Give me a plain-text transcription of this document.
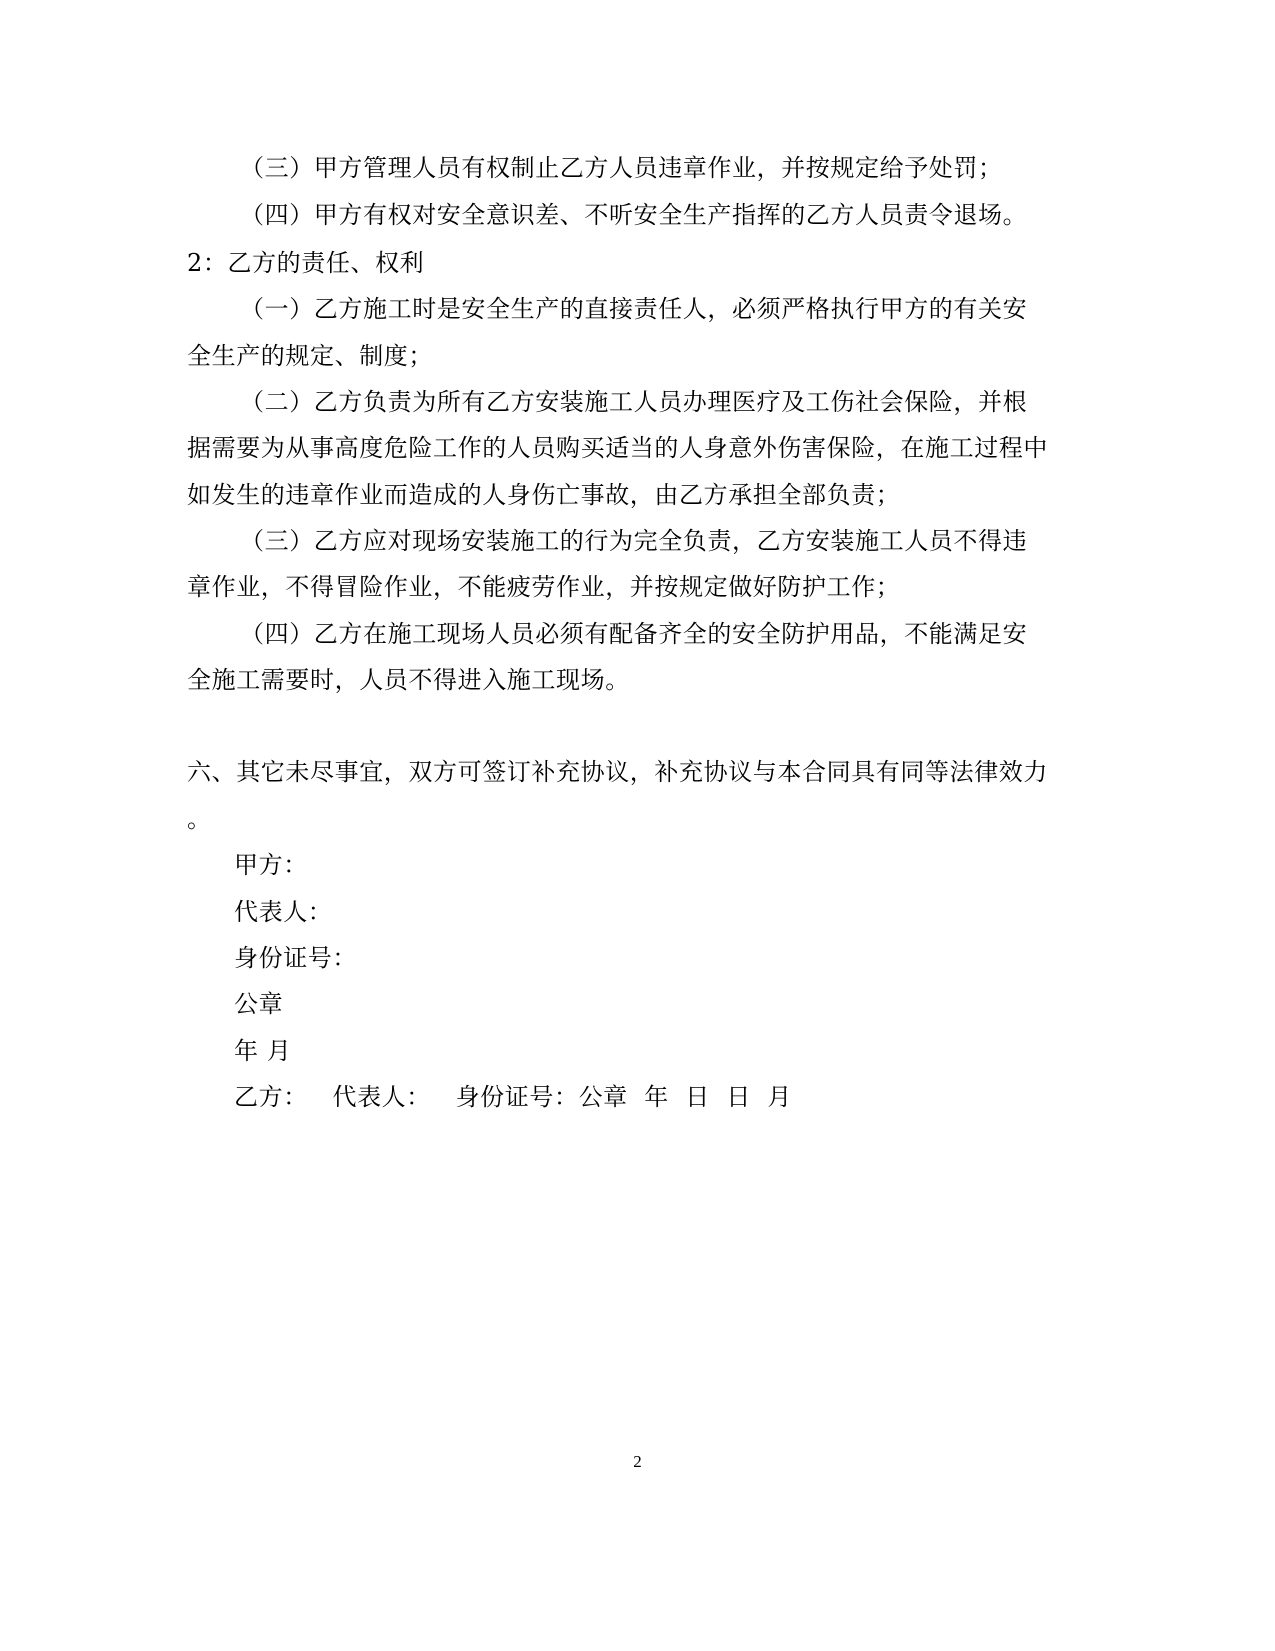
（三）甲方管理人员有权制止乙方人员违章作业，并按规定给予处罚；
（四）甲方有权对安全意识差、不听安全生产指挥的乙方人员责令退场。
2：乙方的责任、权利
（一）乙方施工时是安全生产的直接责任人，必须严格执行甲方的有关安
全生产的规定、制度；
（二）乙方负责为所有乙方安装施工人员办理医疗及工伤社会保险，并根
据需要为从事高度危险工作的人员购买适当的人身意外伤害保险，在施工过程中
如发生的违章作业而造成的人身伤亡事故，由乙方承担全部负责；
（三）乙方应对现场安装施工的行为完全负责，乙方安装施工人员不得违
章作业，不得冒险作业，不能疲劳作业，并按规定做好防护工作；
（四）乙方在施工现场人员必须有配备齐全的安全防护用品，不能满足安
全施工需要时，人员不得进入施工现场。
六、其它未尽事宜，双方可签订补充协议，补充协议与本合同具有同等法律效力
。
甲方：
代表人：
身份证号：
公章
年 月
乙方：   代表人：   身份证号：公章  年  日  日  月
2
